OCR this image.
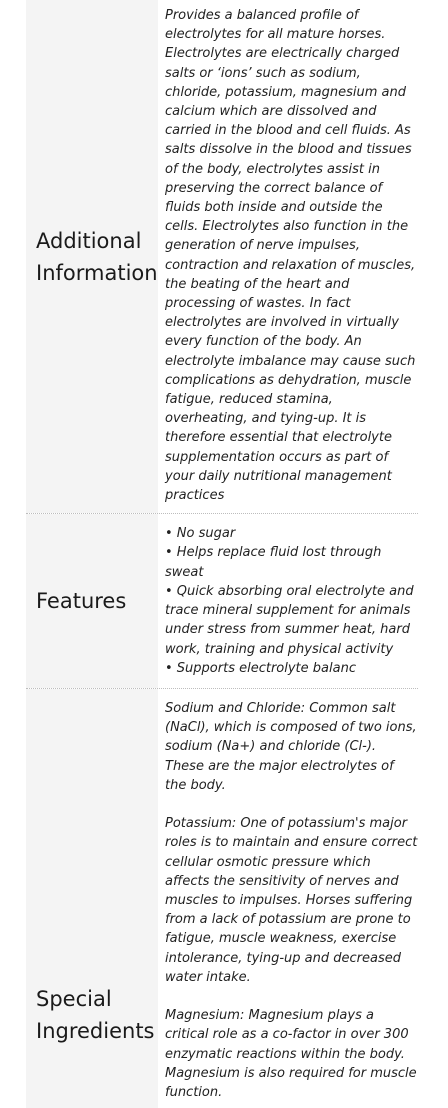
Additional Information

Provides a balanced profile of electrolytes for all mature horses. Electrolytes are electrically charged salts or ‘ions’ such as sodium, chloride, potassium, magnesium and calcium which are dissolved and carried in the blood and cell fluids. As salts dissolve in the blood and tissues of the body, electrolytes assist in preserving the correct balance of fluids both inside and outside the cells. Electrolytes also function in the generation of nerve impulses, contraction and relaxation of muscles, the beating of the heart and processing of wastes. In fact electrolytes are involved in virtually every function of the body. An electrolyte imbalance may cause such complications as dehydration, muscle fatigue, reduced stamina, overheating, and tying-up. It is therefore essential that electrolyte supplementation occurs as part of your daily nutritional management practices

Features
• No sugar
• Helps replace fluid lost through sweat
• Quick absorbing oral electrolyte and trace mineral supplement for animals under stress from summer heat, hard work, training and physical activity
• Supports electrolyte balanc
Special Ingredients

Sodium and Chloride: Common salt (NaCl), which is composed of two ions, sodium (Na+) and chloride (Cl-). These are the major electrolytes of the body.

Potassium: One of potassium's major roles is to maintain and ensure correct cellular osmotic pressure which affects the sensitivity of nerves and muscles to impulses. Horses suffering from a lack of potassium are prone to fatigue, muscle weakness, exercise intolerance, tying-up and decreased water intake.

Magnesium: Magnesium plays a critical role as a co-factor in over 300 enzymatic reactions within the body. Magnesium is also required for muscle function.
